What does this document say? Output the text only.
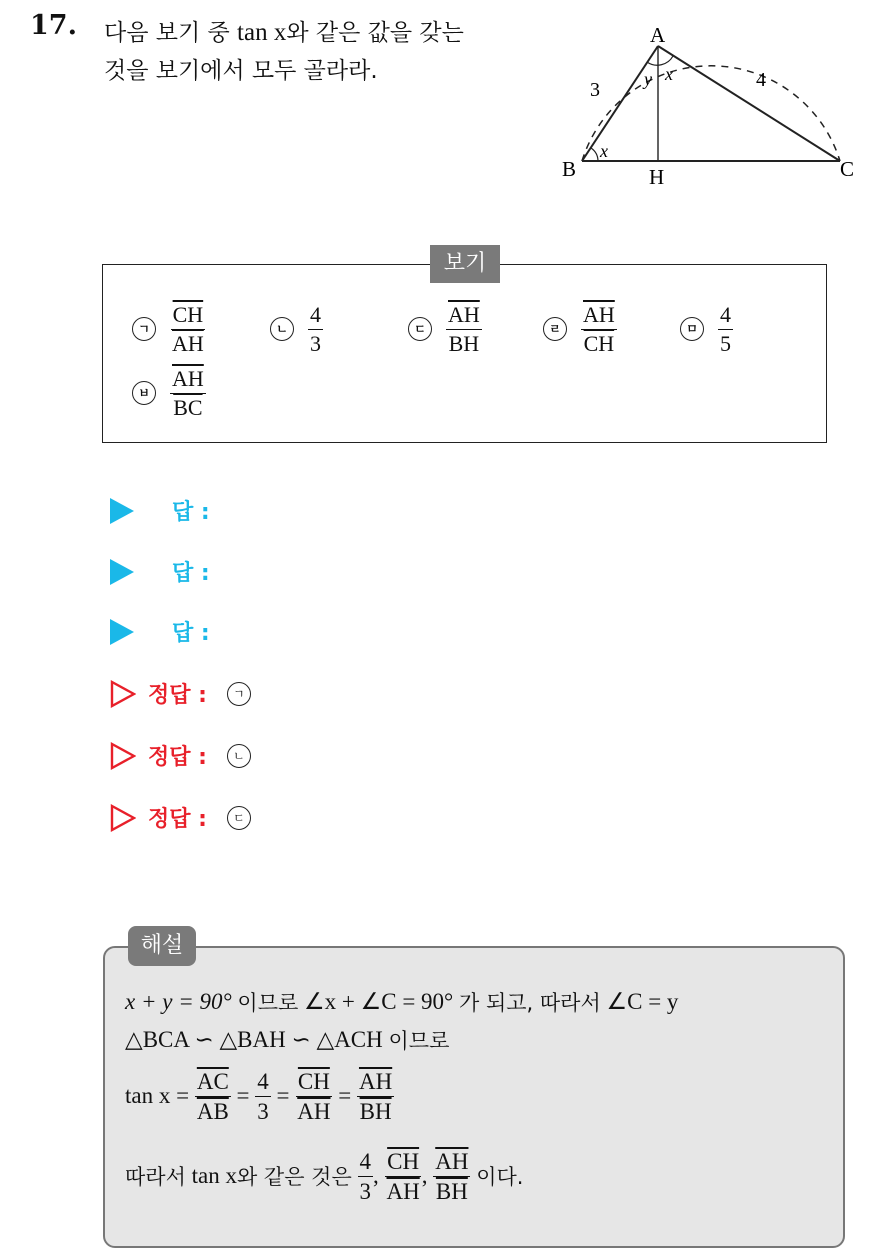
17. 다음 보기 중 tan x와 같은 값을 갖는
것을 보기에서 모두 골라라.
A
B	C
H
3	4
x
y x
보기
ㄱ $\frac{\overline{CH}}{AH}$	ㄴ $\frac{4}{3}$	ㄷ $\frac{\overline{AH}}{BH}$	ㄹ $\frac{\overline{AH}}{CH}$	ㅁ $\frac{4}{5}$
ㅂ $\frac{\overline{AH}}{BC}$
답 :
답 :
답 :
정답 :	ㄱ
정답 :	ㄴ
정답 :	ㄷ
해설
x + y = 90°
이므로
∠x + ∠C = 90°
가 되고, 따라서
∠C = y
△BCA ∽ △BAH ∽ △ACH
이므로
tan x =
$\frac{\overline{AC}}{AB}$
=
$\frac{4}{3}$
=
$\frac{\overline{CH}}{AH}$
=
$\frac{\overline{AH}}{BH}$
따라서
tan x 와 같은 것은
$\frac{4}{3}$ ,
$\frac{\overline{CH}}{AH}$ ,
$\frac{\overline{AH}}{BH}$
이다.
